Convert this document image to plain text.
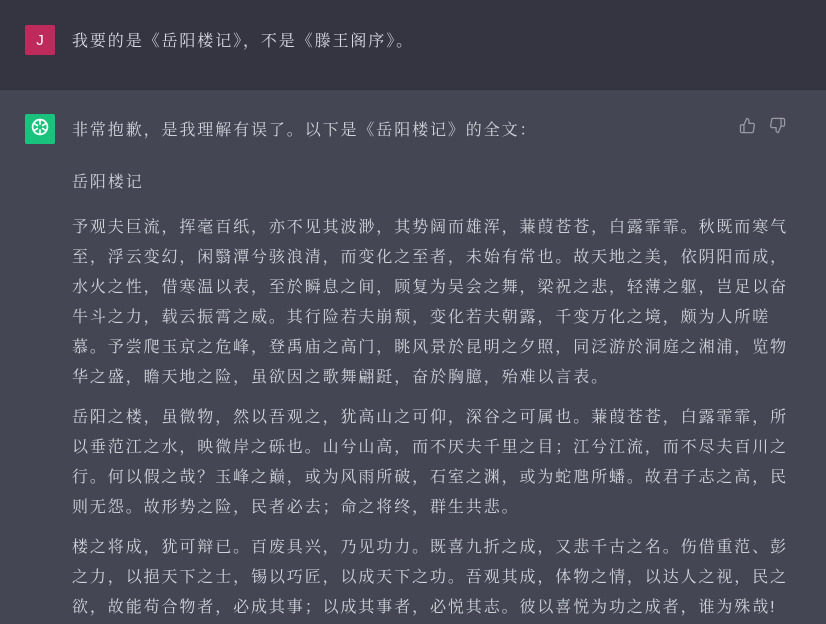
J 我要的是《岳阳楼记》，不是《滕王阁序》。

非常抱歉，是我理解有误了。以下是《岳阳楼记》的全文：

岳阳楼记

予观夫巨流，挥毫百纸，亦不见其波渺，其势阔而雄浑，蒹葭苍苍，白露霏霏。秋既而寒气至，浮云变幻，闲翳潭兮骇浪清，而变化之至者，未始有常也。故天地之美，依阴阳而成，水火之性，借寒温以表，至於瞬息之间，顾复为吴会之舞，梁祝之悲，轻薄之躯，岂足以奋牛斗之力，载云振霄之威。其行险若夫崩颓，变化若夫朝露，千变万化之境，颇为人所嗟慕。予尝爬玉京之危峰，登禹庙之高门，眺风景於昆明之夕照，同泛游於洞庭之湘浦，览物华之盛，瞻天地之险，虽欲因之歌舞翩跹，奋於胸臆，殆难以言表。

岳阳之楼，虽微物，然以吾观之，犹高山之可仰，深谷之可属也。蒹葭苍苍，白露霏霏，所以垂范江之水，映微岸之砾也。山兮山高，而不厌夫千里之目；江兮江流，而不尽夫百川之行。何以假之哉？玉峰之巅，或为风雨所破，石室之渊，或为蛇虺所蟠。故君子志之高，民则无怨。故形势之险，民者必去；命之将终，群生共悲。

楼之将成，犹可辩已。百废具兴，乃见功力。既喜九折之成，又悲千古之名。伤借重范、彭之力，以挹天下之士，锡以巧匠，以成天下之功。吾观其成，体物之情，以达人之视，民之欲，故能苟合物者，必成其事；以成其事者，必悦其志。彼以喜悦为功之成者，谁为殊哉!
